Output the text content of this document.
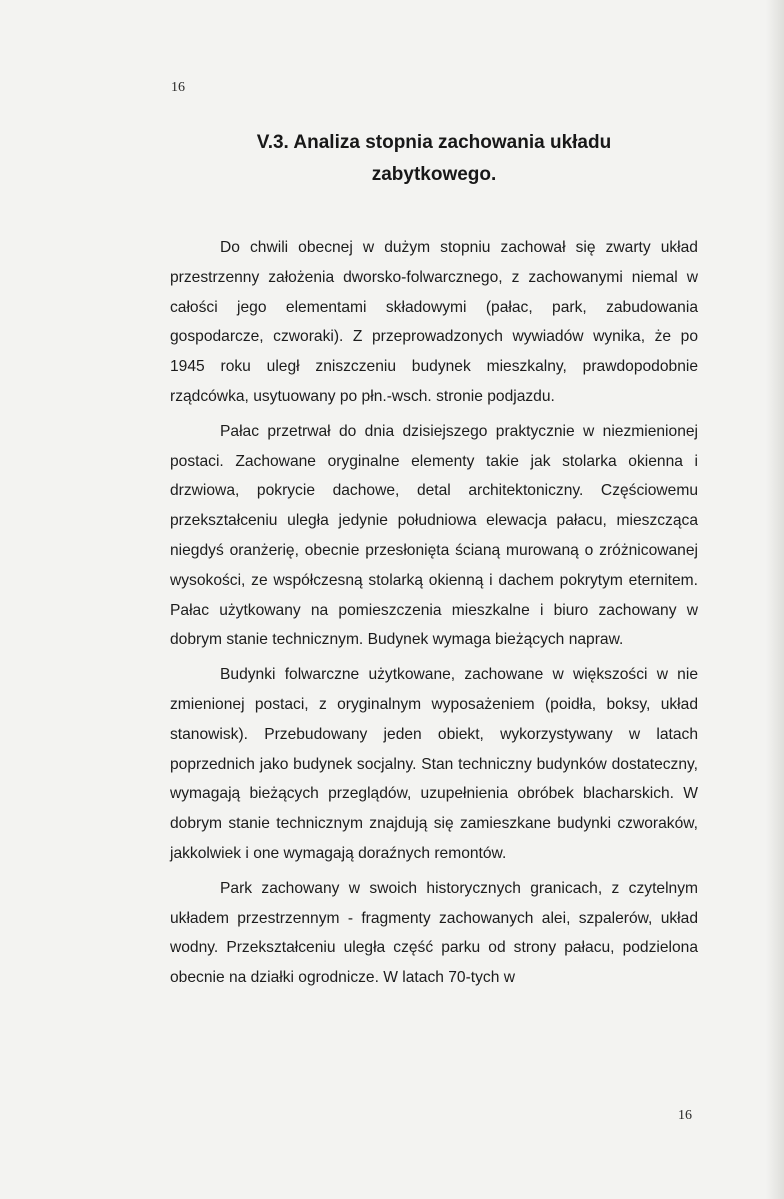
16
V.3. Analiza stopnia zachowania układu
zabytkowego.

Do chwili obecnej w dużym stopniu zachował się zwarty układ przestrzenny założenia dworsko-folwarcznego, z zachowanymi niemal w całości jego elementami składowymi (pałac, park, zabudowania gospodarcze, czworaki). Z przeprowadzonych wywiadów wynika, że po 1945 roku uległ zniszczeniu budynek mieszkalny, prawdopodobnie rządcówka, usytuowany po płn.-wsch. stronie podjazdu.

Pałac przetrwał do dnia dzisiejszego praktycznie w niezmienionej postaci. Zachowane oryginalne elementy takie jak stolarka okienna i drzwiowa, pokrycie dachowe, detal architektoniczny. Częściowemu przekształceniu uległa jedynie południowa elewacja pałacu, mieszcząca niegdyś oranżerię, obecnie przesłonięta ścianą murowaną o zróżnicowanej wysokości, ze współczesną stolarką okienną i dachem pokrytym eternitem. Pałac użytkowany na pomieszczenia mieszkalne i biuro zachowany w dobrym stanie technicznym. Budynek wymaga bieżących napraw.

Budynki folwarczne użytkowane, zachowane w większości w nie zmienionej postaci, z oryginalnym wyposażeniem (poidła, boksy, układ stanowisk). Przebudowany jeden obiekt, wykorzystywany w latach poprzednich jako budynek socjalny. Stan techniczny budynków dostateczny, wymagają bieżących przeglądów, uzupełnienia obróbek blacharskich. W dobrym stanie technicznym znajdują się zamieszkane budynki czworaków, jakkolwiek i one wymagają doraźnych remontów.

Park zachowany w swoich historycznych granicach, z czytelnym układem przestrzennym - fragmenty zachowanych alei, szpalerów, układ wodny. Przekształceniu uległa część parku od strony pałacu, podzielona obecnie na działki ogrodnicze. W latach 70-tych w

16
